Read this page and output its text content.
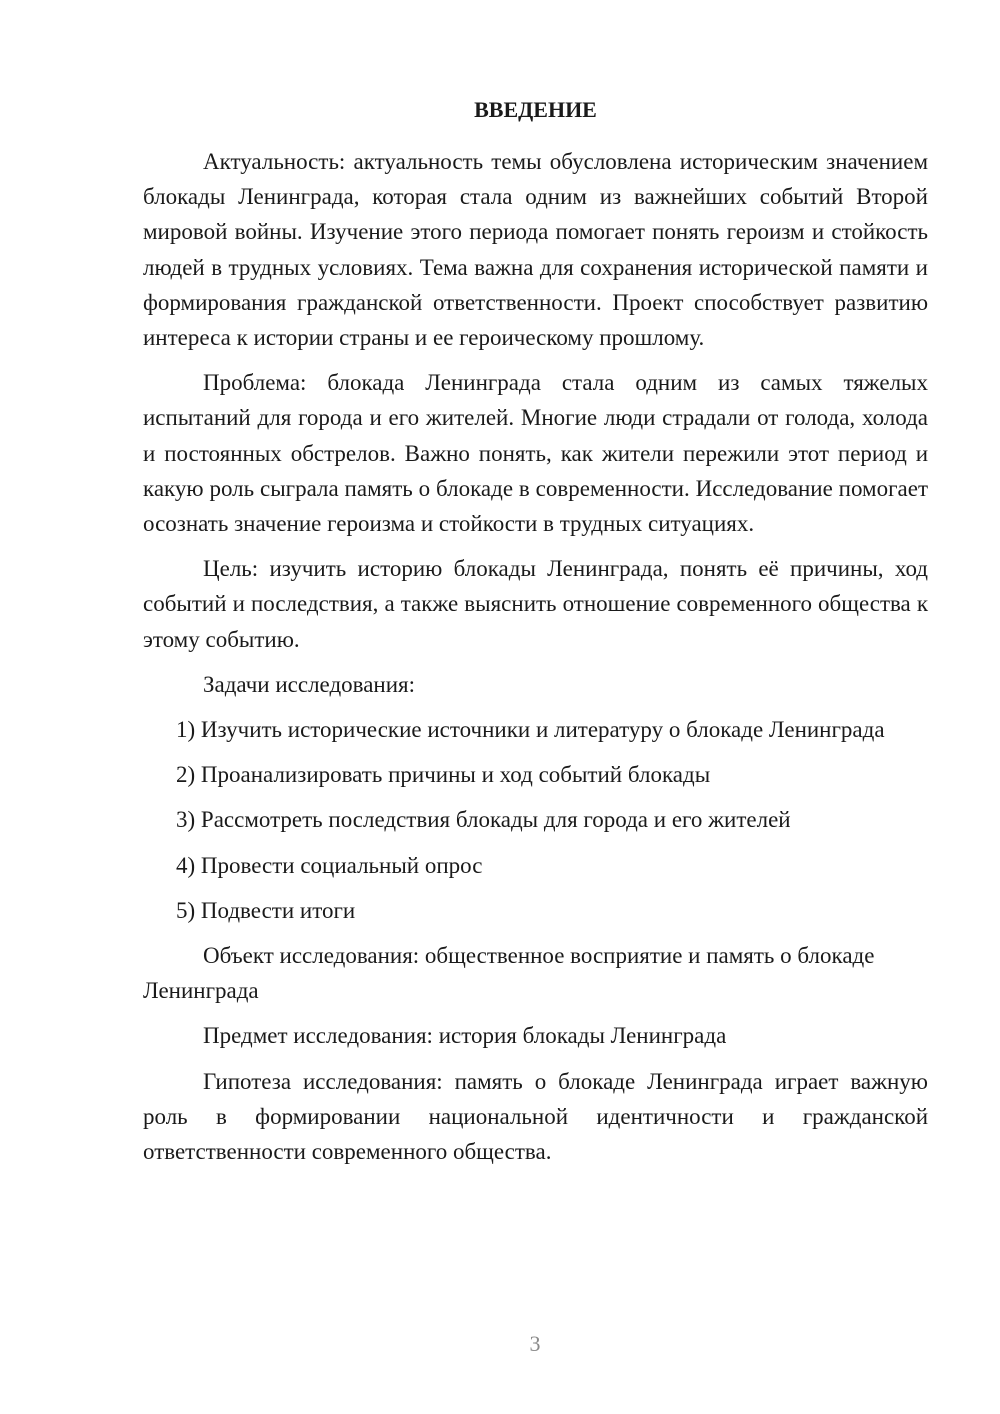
ВВЕДЕНИЕ

Актуальность: актуальность темы обусловлена историческим значением блокады Ленинграда, которая стала одним из важнейших событий Второй мировой войны. Изучение этого периода помогает понять героизм и стойкость людей в трудных условиях. Тема важна для сохранения исторической памяти и формирования гражданской ответственности. Проект способствует развитию интереса к истории страны и ее героическому прошлому.

Проблема: блокада Ленинграда стала одним из самых тяжелых испытаний для города и его жителей. Многие люди страдали от голода, холода и постоянных обстрелов. Важно понять, как жители пережили этот период и какую роль сыграла память о блокаде в современности. Исследование помогает осознать значение героизма и стойкости в трудных ситуациях.

Цель: изучить историю блокады Ленинграда, понять её причины, ход событий и последствия, а также выяснить отношение современного общества к этому событию.

Задачи исследования:

1) Изучить исторические источники и литературу о блокаде Ленинграда

2) Проанализировать причины и ход событий блокады

3) Рассмотреть последствия блокады для города и его жителей

4) Провести социальный опрос

5) Подвести итоги

Объект исследования: общественное восприятие и память о блокаде Ленинграда

Предмет исследования: история блокады Ленинграда

Гипотеза исследования: память о блокаде Ленинграда играет важную роль в формировании национальной идентичности и гражданской ответственности современного общества.

3
